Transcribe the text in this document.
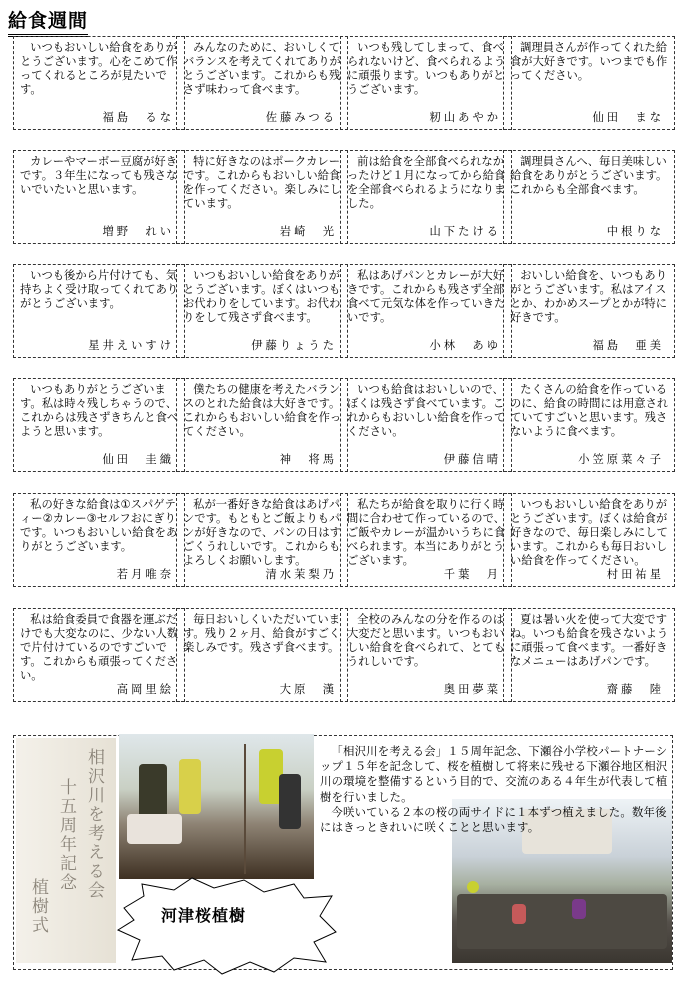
給食週間
いつもおいしい給食をありがとうございます。心をこめて作ってくれるところが見たいです。
福島　るな
みんなのために、おいしくてバランスを考えてくれてありがとうございます。これからも残さず味わって食べます。
佐藤みつる
いつも残してしまって、食べられないけど、食べられるように頑張ります。いつもありがとうございます。
籾山あやか
調理員さんが作ってくれた給食が大好きです。いつまでも作ってください。
仙田　まな
カレーやマーボー豆腐が好きです。３年生になっても残さないでいたいと思います。
増野　れい
特に好きなのはポークカレーです。これからもおいしい給食を作ってください。楽しみにしています。
岩崎　光
前は給食を全部食べられなかったけど１月になってから給食を全部食べられるようになりました。
山下たける
調理員さんへ、毎日美味しい給食をありがとうございます。これからも全部食べます。
中根りな
いつも後から片付けても、気持ちよく受け取ってくれてありがとうございます。
星井えいすけ
いつもおいしい給食をありがとうございます。ぼくはいつもお代わりをしています。お代わりをして残さず食べます。
伊藤りょうた
私はあげパンとカレーが大好きです。これからも残さず全部食べて元気な体を作っていきたいです。
小林　あゆ
おいしい給食を、いつもありがとうございます。私はアイスとか、わかめスープとかが特に好きです。
福島　亜美
いつもありがとうございます。私は時々残しちゃうので、これからは残さずきちんと食べようと思います。
仙田　圭織
僕たちの健康を考えたバランスのとれた給食は大好きです。これからもおいしい給食を作ってください。
神　将馬
いつも給食はおいしいので、ぼくは残さず食べています。これからもおいしい給食を作ってください。
伊藤信晴
たくさんの給食を作っているのに、給食の時間には用意されていてすごいと思います。残さないように食べます。
小笠原菜々子
私の好きな給食は①スパゲティー②カレー③セルフおにぎりです。いつもおいしい給食をありがとうございます。
若月唯奈
私が一番好きな給食はあげパンです。もともとご飯よりもパンが好きなので、パンの日はすごくうれしいです。これからもよろしくお願いします。
清水茉梨乃
私たちが給食を取りに行く時間に合わせて作っているので、ご飯やカレーが温かいうちに食べられます。本当にありがとうございます。
千葉　月
いつもおいしい給食をありがとうございます。ぼくは給食が好きなので、毎日楽しみにしています。これからも毎日おいしい給食を作ってください。
村田祐星
私は給食委員で食器を運ぶだけでも大変なのに、少ない人数で片付けているのですごいです。これからも頑張ってください。
高岡里絵
毎日おいしくいただいています。残り２ヶ月、給食がすごく楽しみです。残さず食べます。
大原　漢
全校のみんなの分を作るのは大変だと思います。いつもおいしい給食を食べられて、とてもうれしいです。
奥田夢菜
夏は暑い火を使って大変ですね。いつも給食を残さないように頑張って食べます。一番好きなメニューはあげパンです。
齋藤　陸
相沢川を考える会
十五周年記念
植樹式	河津桜植樹

「相沢川を考える会」１５周年記念、下瀬谷小学校パートナーシップ１５年を記念して、桜を植樹して将来に残せる下瀬谷地区相沢川の環境を整備するという目的で、交流のある４年生が代表して植樹を行いました。

今咲いている２本の桜の両サイドに１本ずつ植えました。数年後にはきっときれいに咲くことと思います。
